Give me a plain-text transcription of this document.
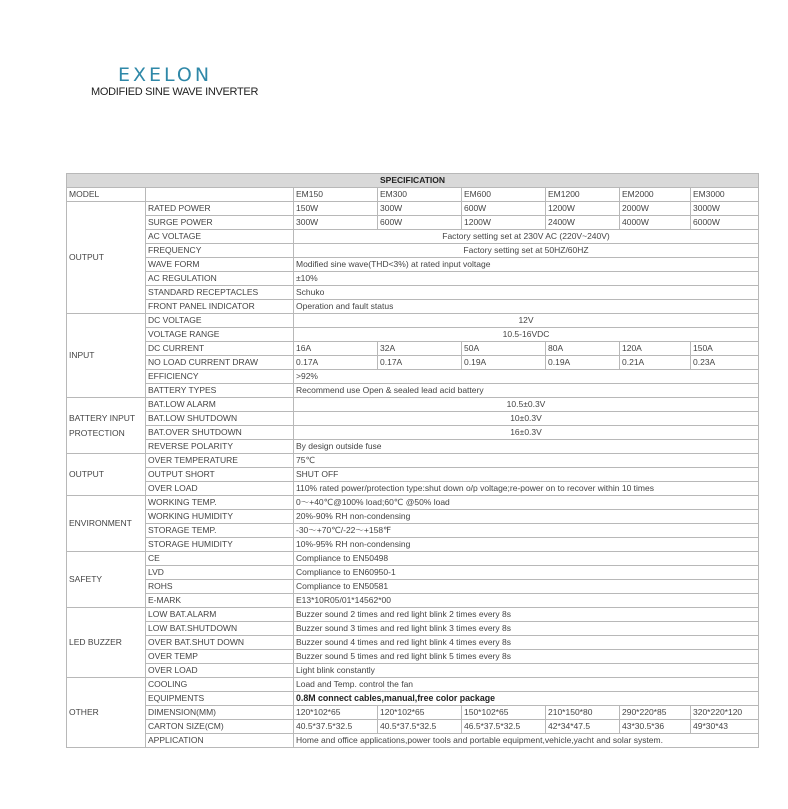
EXELON
MODIFIED SINE WAVE INVERTER
SPECIFICATION							
MODEL		EM150	EM300	EM600	EM1200	EM2000	EM3000
OUTPUT	RATED POWER	150W	300W	600W	1200W	2000W	3000W
	SURGE POWER	300W	600W	1200W	2400W	4000W	6000W
	AC VOLTAGE	Factory setting set at 230V AC (220V~240V)					
	FREQUENCY	Factory setting set at 50HZ/60HZ					
	WAVE FORM	Modified sine wave(THD<3%) at rated input voltage					
	AC REGULATION	±10%					
	STANDARD RECEPTACLES	Schuko					
	FRONT PANEL INDICATOR	Operation and fault status					
INPUT	DC VOLTAGE	12V					
	VOLTAGE RANGE	10.5-16VDC					
	DC CURRENT	16A	32A	50A	80A	120A	150A
	NO LOAD CURRENT DRAW	0.17A	0.17A	0.19A	0.19A	0.21A	0.23A
	EFFICIENCY	>92%					
	BATTERY TYPES	Recommend use Open & sealed lead acid battery					

BATTERY INPUT
PROTECTION	BAT.LOW ALARM	10.5±0.3V					
	BAT.LOW SHUTDOWN	10±0.3V					
	BAT.OVER SHUTDOWN	16±0.3V					
	REVERSE POLARITY	By design outside fuse					
OUTPUT	OVER TEMPERATURE	75℃					
	OUTPUT SHORT	SHUT OFF					
	OVER LOAD	110% rated power/protection type:shut down o/p voltage;re-power on to recover within 10 times					
ENVIRONMENT	WORKING TEMP.	0～+40℃@100% load;60℃ @50% load					
	WORKING HUMIDITY	20%-90% RH non-condensing					
	STORAGE TEMP.	-30～+70℃/-22～+158℉					
	STORAGE HUMIDITY	10%-95% RH non-condensing					
SAFETY	CE	Compliance to EN50498					
	LVD	Compliance to EN60950-1					
	ROHS	Compliance to EN50581					
	E-MARK	E13*10R05/01*14562*00					
LED BUZZER	LOW BAT.ALARM	Buzzer sound 2 times and red light blink 2 times every 8s					
	LOW BAT.SHUTDOWN	Buzzer sound 3 times and red light blink 3 times every 8s					
	OVER BAT.SHUT DOWN	Buzzer sound 4 times and red light blink 4 times every 8s					
	OVER TEMP	Buzzer sound 5 times and red light blink 5 times every 8s					
	OVER LOAD	Light blink constantly					
OTHER	COOLING	Load and Temp. control the fan					
	EQUIPMENTS	0.8M connect cables,manual,free color package					
	DIMENSION(MM)	120*102*65	120*102*65	150*102*65	210*150*80	290*220*85	320*220*120
	CARTON SIZE(CM)	40.5*37.5*32.5	40.5*37.5*32.5	46.5*37.5*32.5	42*34*47.5	43*30.5*36	49*30*43
	APPLICATION	Home and office applications,power tools and portable equipment,vehicle,yacht and solar system.					
